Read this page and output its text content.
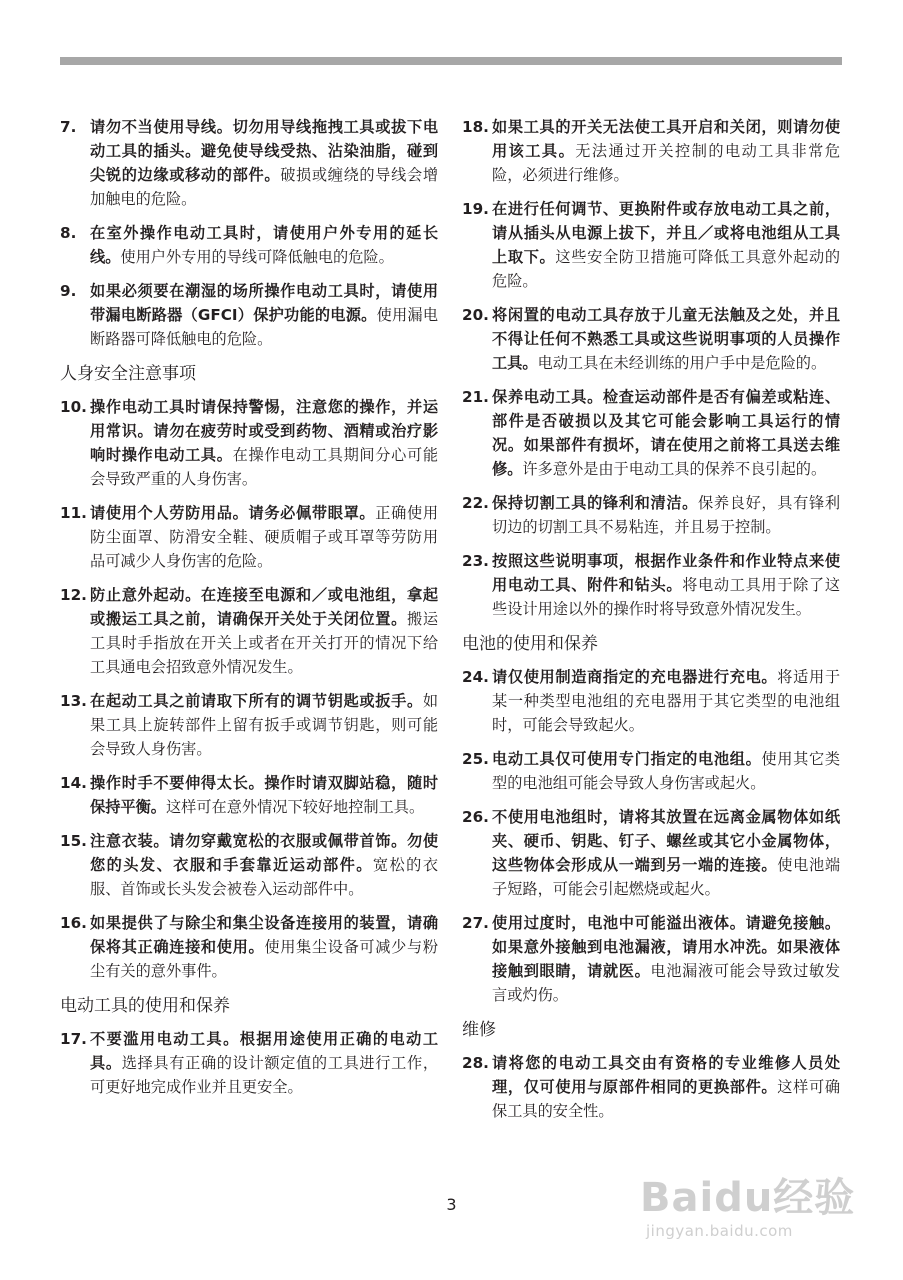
7. 请勿不当使用导线。切勿用导线拖拽工具或拔下电动工具的插头。避免使导线受热、沾染油脂，碰到尖锐的边缘或移动的部件。破损或缠绕的导线会增加触电的危险。
8. 在室外操作电动工具时，请使用户外专用的延长线。使用户外专用的导线可降低触电的危险。
9. 如果必须要在潮湿的场所操作电动工具时，请使用带漏电断路器（GFCI）保护功能的电源。使用漏电断路器可降低触电的危险。
人身安全注意事项
10. 操作电动工具时请保持警惕，注意您的操作，并运用常识。请勿在疲劳时或受到药物、酒精或治疗影响时操作电动工具。在操作电动工具期间分心可能会导致严重的人身伤害。
11. 请使用个人劳防用品。请务必佩带眼罩。正确使用防尘面罩、防滑安全鞋、硬质帽子或耳罩等劳防用品可减少人身伤害的危险。
12. 防止意外起动。在连接至电源和／或电池组，拿起或搬运工具之前，请确保开关处于关闭位置。搬运工具时手指放在开关上或者在开关打开的情况下给工具通电会招致意外情况发生。
13. 在起动工具之前请取下所有的调节钥匙或扳手。如果工具上旋转部件上留有扳手或调节钥匙，则可能会导致人身伤害。
14. 操作时手不要伸得太长。操作时请双脚站稳，随时保持平衡。这样可在意外情况下较好地控制工具。
15. 注意衣装。请勿穿戴宽松的衣服或佩带首饰。勿使您的头发、衣服和手套靠近运动部件。宽松的衣服、首饰或长头发会被卷入运动部件中。
16. 如果提供了与除尘和集尘设备连接用的装置，请确保将其正确连接和使用。使用集尘设备可减少与粉尘有关的意外事件。
电动工具的使用和保养
17. 不要滥用电动工具。根据用途使用正确的电动工具。选择具有正确的设计额定值的工具进行工作，可更好地完成作业并且更安全。
18. 如果工具的开关无法使工具开启和关闭，则请勿使用该工具。无法通过开关控制的电动工具非常危险，必须进行维修。
19. 在进行任何调节、更换附件或存放电动工具之前，请从插头从电源上拔下，并且／或将电池组从工具上取下。这些安全防卫措施可降低工具意外起动的危险。
20. 将闲置的电动工具存放于儿童无法触及之处，并且不得让任何不熟悉工具或这些说明事项的人员操作工具。电动工具在未经训练的用户手中是危险的。
21. 保养电动工具。检查运动部件是否有偏差或粘连、部件是否破损以及其它可能会影响工具运行的情况。如果部件有损坏，请在使用之前将工具送去维修。许多意外是由于电动工具的保养不良引起的。
22. 保持切割工具的锋利和清洁。保养良好，具有锋利切边的切割工具不易粘连，并且易于控制。
23. 按照这些说明事项，根据作业条件和作业特点来使用电动工具、附件和钻头。将电动工具用于除了这些设计用途以外的操作时将导致意外情况发生。
电池的使用和保养
24. 请仅使用制造商指定的充电器进行充电。将适用于某一种类型电池组的充电器用于其它类型的电池组时，可能会导致起火。
25. 电动工具仅可使用专门指定的电池组。使用其它类型的电池组可能会导致人身伤害或起火。
26. 不使用电池组时，请将其放置在远离金属物体如纸夹、硬币、钥匙、钉子、螺丝或其它小金属物体，这些物体会形成从一端到另一端的连接。使电池端子短路，可能会引起燃烧或起火。
27. 使用过度时，电池中可能溢出液体。请避免接触。如果意外接触到电池漏液，请用水冲洗。如果液体接触到眼睛，请就医。电池漏液可能会导致过敏发言或灼伤。
维修
28. 请将您的电动工具交由有资格的专业维修人员处理，仅可使用与原部件相同的更换部件。这样可确保工具的安全性。
3	Baidu经验
jingyan.baidu.com
